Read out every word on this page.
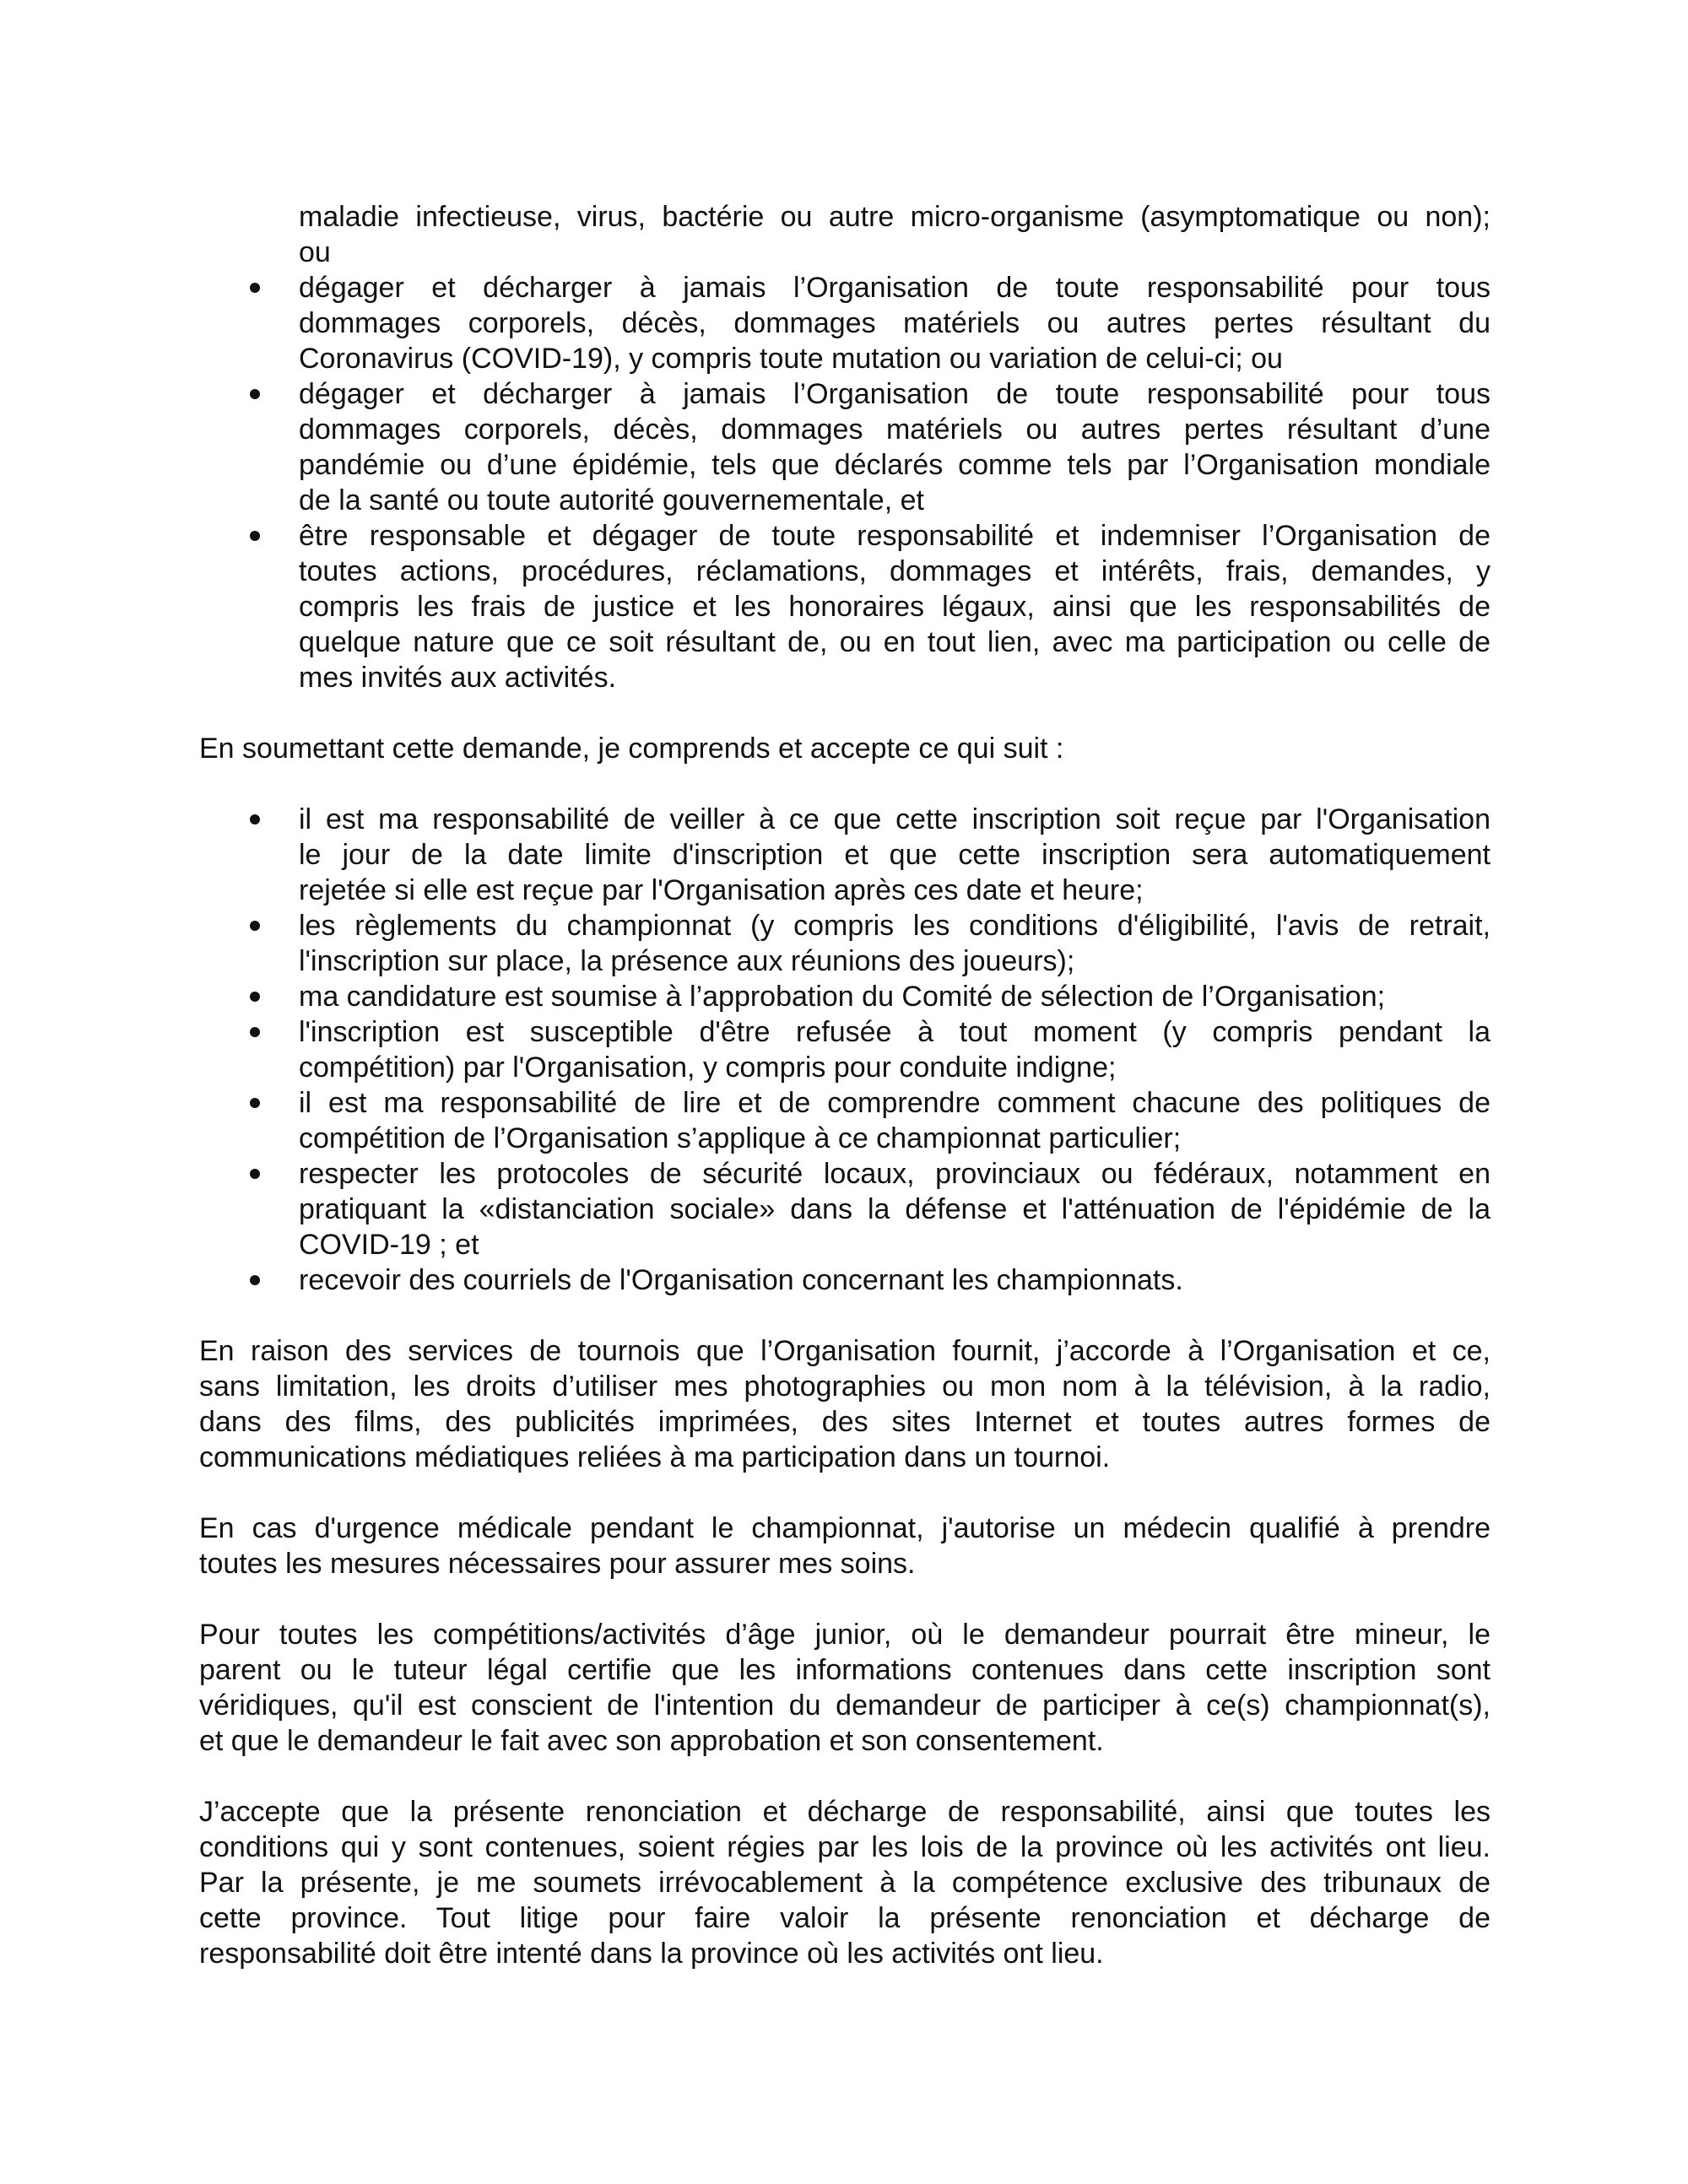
maladie infectieuse, virus, bactérie ou autre micro-organisme (asymptomatique ou non);
ou
dégager et décharger à jamais l’Organisation de toute responsabilité pour tous
dommages corporels, décès, dommages matériels ou autres pertes résultant du
Coronavirus (COVID-19), y compris toute mutation ou variation de celui-ci; ou
dégager et décharger à jamais l’Organisation de toute responsabilité pour tous
dommages corporels, décès, dommages matériels ou autres pertes résultant d’une
pandémie ou d’une épidémie, tels que déclarés comme tels par l’Organisation mondiale
de la santé ou toute autorité gouvernementale, et
être responsable et dégager de toute responsabilité et indemniser l’Organisation de
toutes actions, procédures, réclamations, dommages et intérêts, frais, demandes, y
compris les frais de justice et les honoraires légaux, ainsi que les responsabilités de
quelque nature que ce soit résultant de, ou en tout lien, avec ma participation ou celle de
mes invités aux activités.
En soumettant cette demande, je comprends et accepte ce qui suit :
il est ma responsabilité de veiller à ce que cette inscription soit reçue par l'Organisation
le jour de la date limite d'inscription et que cette inscription sera automatiquement
rejetée si elle est reçue par l'Organisation après ces date et heure;
les règlements du championnat (y compris les conditions d'éligibilité, l'avis de retrait,
l'inscription sur place, la présence aux réunions des joueurs);
ma candidature est soumise à l’approbation du Comité de sélection de l’Organisation;
l'inscription est susceptible d'être refusée à tout moment (y compris pendant la
compétition) par l'Organisation, y compris pour conduite indigne;
il est ma responsabilité de lire et de comprendre comment chacune des politiques de
compétition de l’Organisation s’applique à ce championnat particulier;
respecter les protocoles de sécurité locaux, provinciaux ou fédéraux, notamment en
pratiquant la «distanciation sociale» dans la défense et l'atténuation de l'épidémie de la
COVID-19 ; et
recevoir des courriels de l'Organisation concernant les championnats.
En raison des services de tournois que l’Organisation fournit, j’accorde à l’Organisation et ce,
sans limitation, les droits d’utiliser mes photographies ou mon nom à la télévision, à la radio,
dans des films, des publicités imprimées, des sites Internet et toutes autres formes de
communications médiatiques reliées à ma participation dans un tournoi.
En cas d'urgence médicale pendant le championnat, j'autorise un médecin qualifié à prendre
toutes les mesures nécessaires pour assurer mes soins.
Pour toutes les compétitions/activités d’âge junior, où le demandeur pourrait être mineur, le
parent ou le tuteur légal certifie que les informations contenues dans cette inscription sont
véridiques, qu'il est conscient de l'intention du demandeur de participer à ce(s) championnat(s),
et que le demandeur le fait avec son approbation et son consentement.
J’accepte que la présente renonciation et décharge de responsabilité, ainsi que toutes les
conditions qui y sont contenues, soient régies par les lois de la province où les activités ont lieu.
Par la présente, je me soumets irrévocablement à la compétence exclusive des tribunaux de
cette province. Tout litige pour faire valoir la présente renonciation et décharge de
responsabilité doit être intenté dans la province où les activités ont lieu.
